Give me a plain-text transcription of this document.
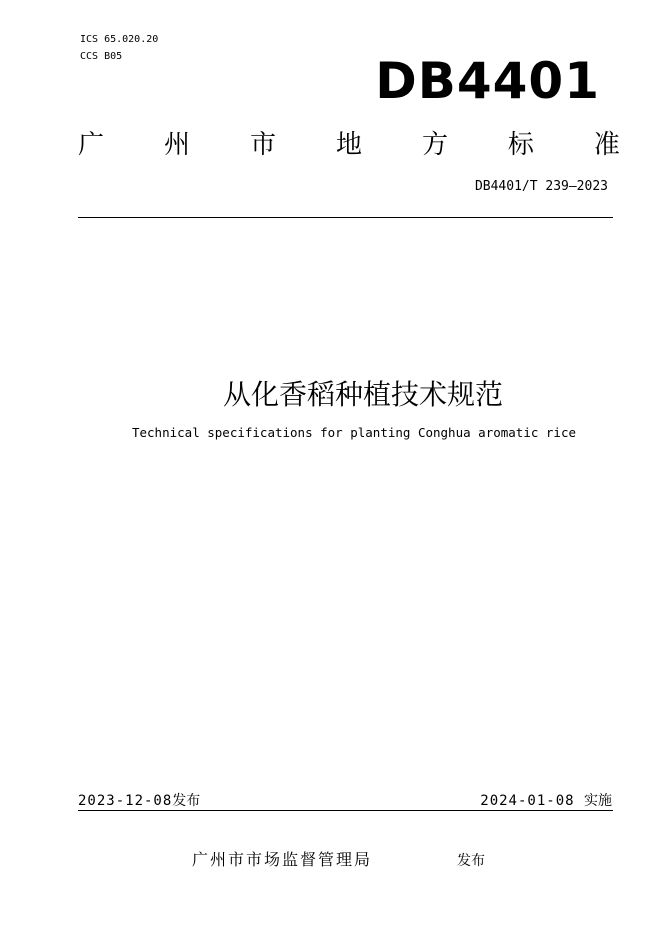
ICS 65.020.20
CCS B05	DB4401
广 州 市 地 方 标 准
DB4401/T 239—2023
从化香稻种植技术规范
Technical specifications for planting Conghua aromatic rice
2023-12-08发布	2024-01-08 实施
广州市市场监督管理局	发布
